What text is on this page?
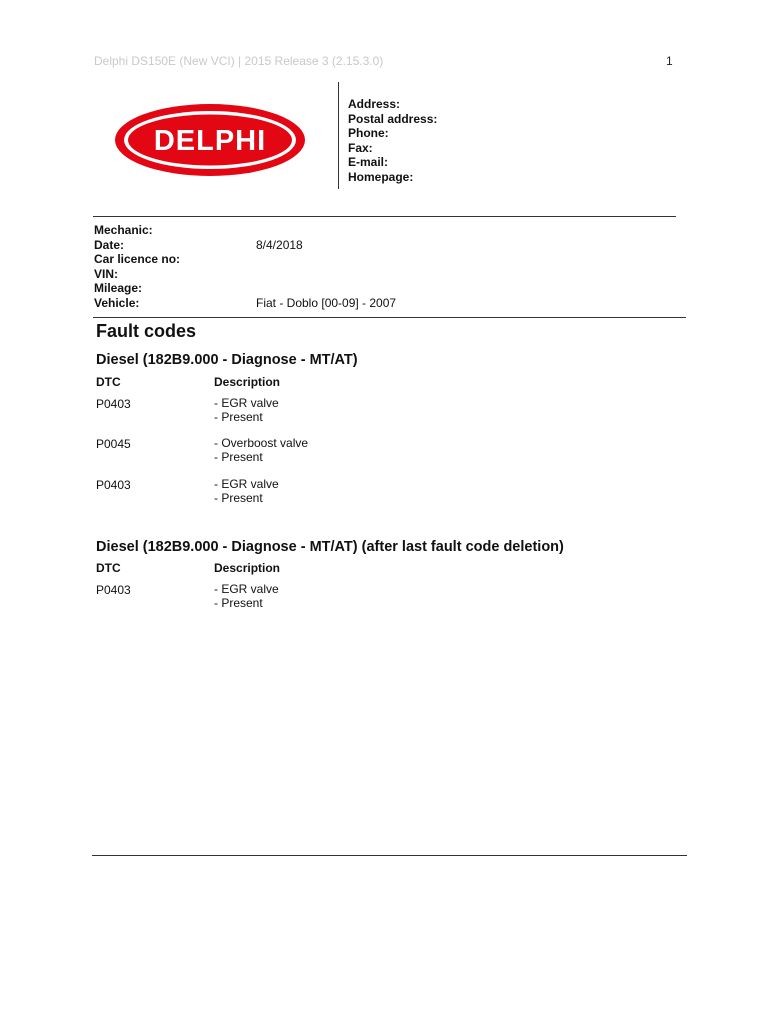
Delphi DS150E (New VCI) | 2015 Release 3 (2.15.3.0)	1
DELPHI
Address:
Postal address:
Phone:
Fax:
E-mail:
Homepage:
Mechanic:
Date:	8/4/2018
Car licence no:
VIN:
Mileage:
Vehicle:	Fiat - Doblo [00-09] - 2007
Fault codes
Diesel (182B9.000 - Diagnose - MT/AT)
DTC	Description
P0403	- EGR valve
- Present
P0045	- Overboost valve
- Present
P0403	- EGR valve
- Present
Diesel (182B9.000 - Diagnose - MT/AT) (after last fault code deletion)
DTC	Description
P0403	- EGR valve
- Present
